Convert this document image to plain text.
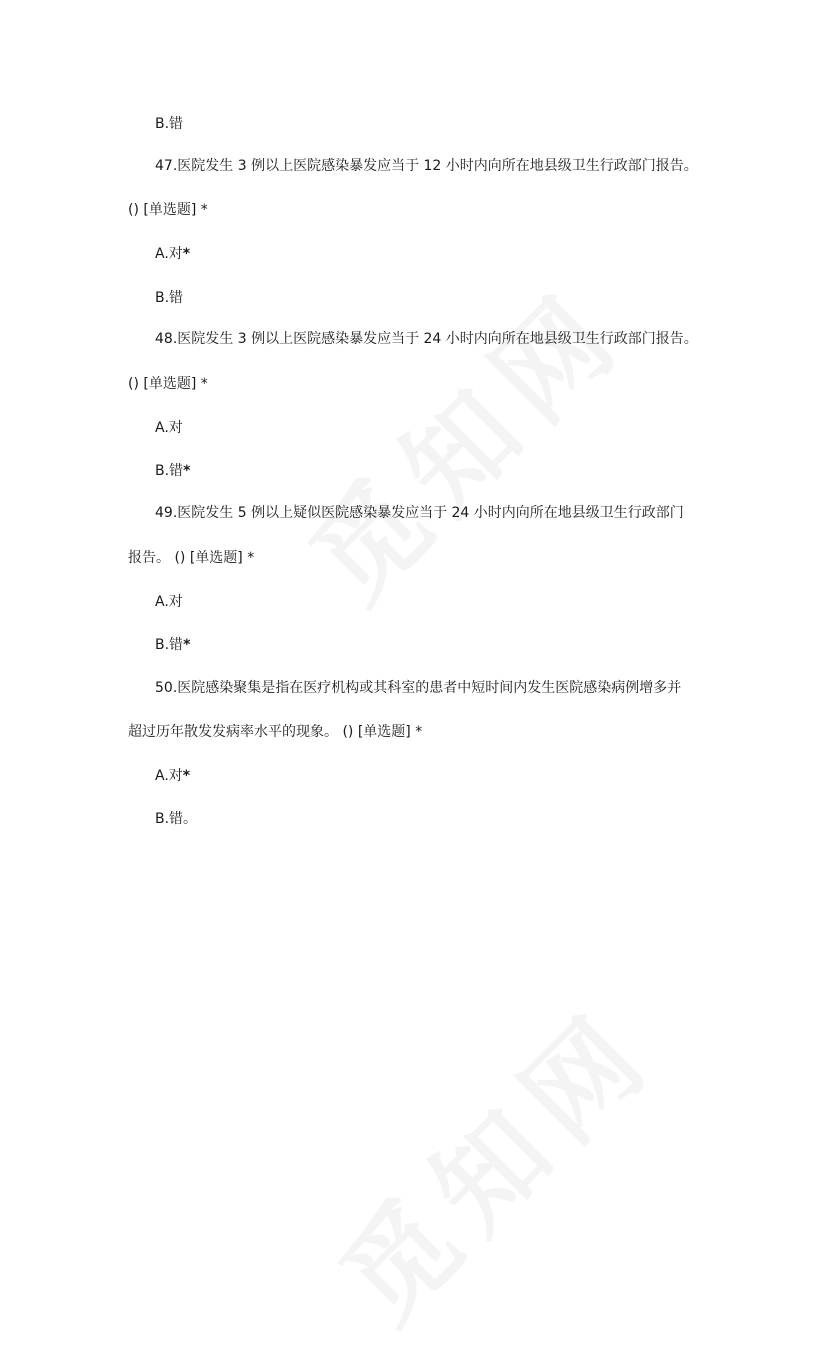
B.错
47.医院发生 3 例以上医院感染暴发应当于 12 小时内向所在地县级卫生行政部门报告。
() [单选题] *
A.对*
B.错
48.医院发生 3 例以上医院感染暴发应当于 24 小时内向所在地县级卫生行政部门报告。
() [单选题] *
A.对
B.错*
49.医院发生 5 例以上疑似医院感染暴发应当于 24 小时内向所在地县级卫生行政部门
报告。 () [单选题] *
A.对
B.错*
50.医院感染聚集是指在医疗机构或其科室的患者中短时间内发生医院感染病例增多并
超过历年散发发病率水平的现象。 () [单选题] *
A.对*
B.错。
